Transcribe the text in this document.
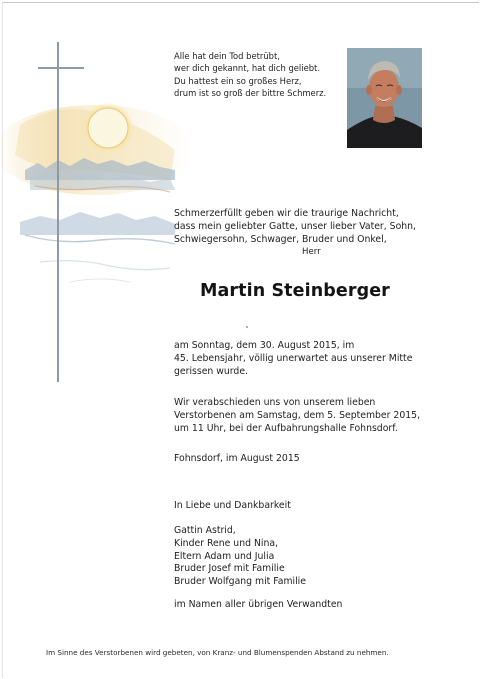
Alle hat dein Tod betrübt,
wer dich gekannt, hat dich geliebt.
Du hattest ein so großes Herz,
drum ist so groß der bittre Schmerz.
Schmerzerfüllt geben wir die traurige Nachricht,
dass mein geliebter Gatte, unser lieber Vater, Sohn,
Schwiegersohn, Schwager, Bruder und Onkel,
Herr
Martin Steinberger
am Sonntag, dem 30. August 2015, im
45. Lebensjahr, völlig unerwartet aus unserer Mitte
gerissen wurde.
Wir verabschieden uns von unserem lieben
Verstorbenen am Samstag, dem 5. September 2015,
um 11 Uhr, bei der Aufbahrungshalle Fohnsdorf.
Fohnsdorf, im August 2015
In Liebe und Dankbarkeit
Gattin Astrid,
Kinder Rene und Nina,
Eltern Adam und Julia
Bruder Josef mit Familie
Bruder Wolfgang mit Familie
im Namen aller übrigen Verwandten
Im Sinne des Verstorbenen wird gebeten, von Kranz- und Blumenspenden Abstand zu nehmen.
